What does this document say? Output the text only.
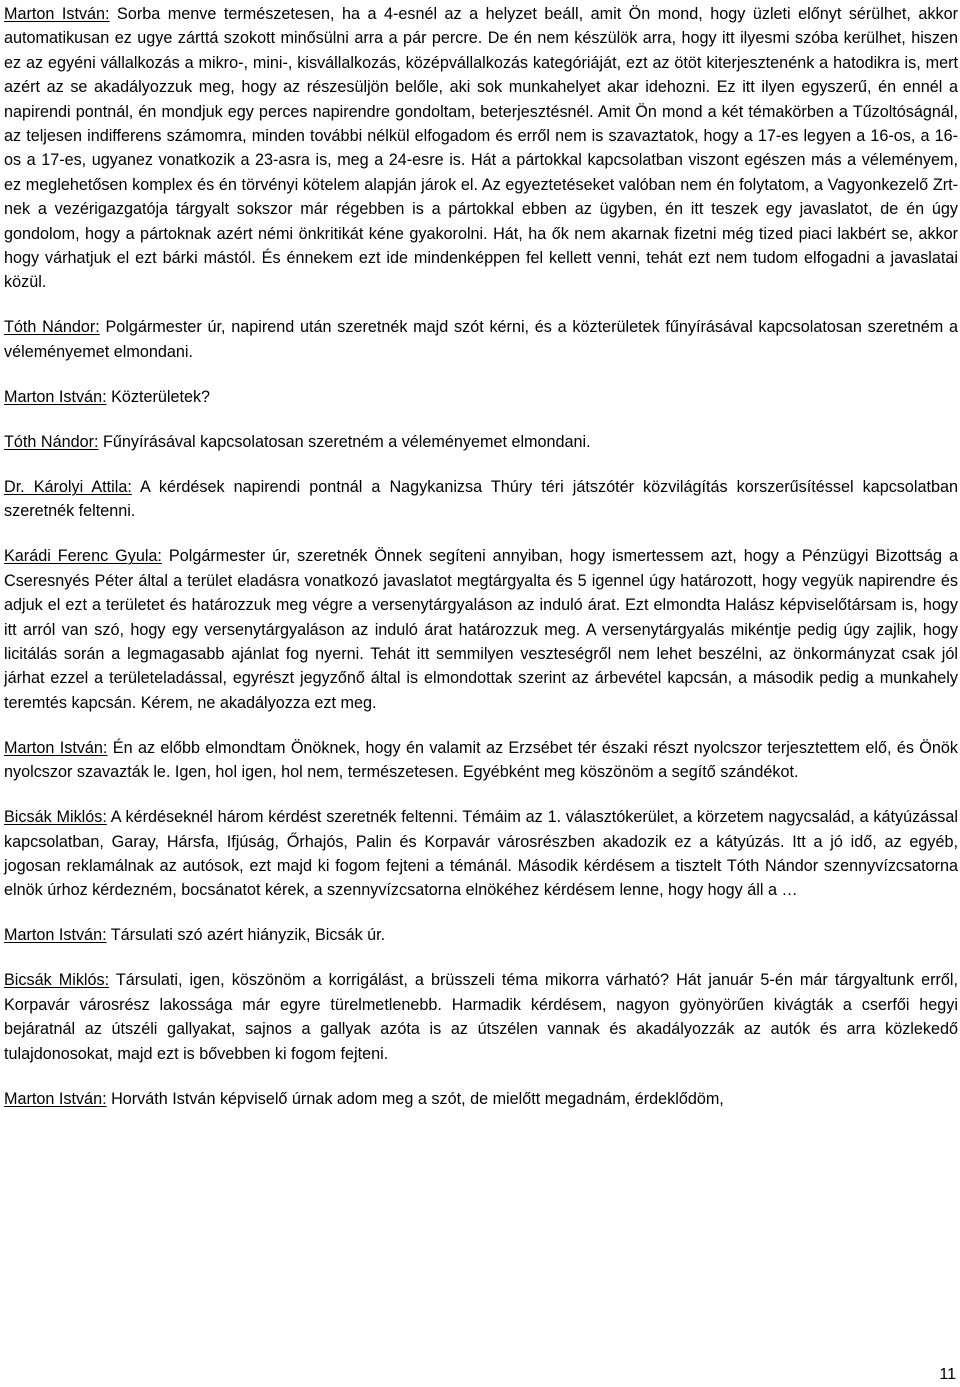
Marton István: Sorba menve természetesen, ha a 4-esnél az a helyzet beáll, amit Ön mond, hogy üzleti előnyt sérülhet, akkor automatikusan ez ugye zárttá szokott minősülni arra a pár percre. De én nem készülök arra, hogy itt ilyesmi szóba kerülhet, hiszen ez az egyéni vállalkozás a mikro-, mini-, kisvállalkozás, középvállalkozás kategóriáját, ezt az ötöt kiterjesztenénk a hatodikra is, mert azért az se akadályozzuk meg, hogy az részesüljön belőle, aki sok munkahelyet akar idehozni. Ez itt ilyen egyszerű, én ennél a napirendi pontnál, én mondjuk egy perces napirendre gondoltam, beterjesztésnél. Amit Ön mond a két témakörben a Tűzoltóságnál, az teljesen indifferens számomra, minden további nélkül elfogadom és erről nem is szavaztatok, hogy a 17-es legyen a 16-os, a 16-os a 17-es, ugyanez vonatkozik a 23-asra is, meg a 24-esre is. Hát a pártokkal kapcsolatban viszont egészen más a véleményem, ez meglehetősen komplex és én törvényi kötelem alapján járok el. Az egyeztetéseket valóban nem én folytatom, a Vagyonkezelő Zrt-nek a vezérigazgatója tárgyalt sokszor már régebben is a pártokkal ebben az ügyben, én itt teszek egy javaslatot, de én úgy gondolom, hogy a pártoknak azért némi önkritikát kéne gyakorolni. Hát, ha ők nem akarnak fizetni még tized piaci lakbért se, akkor hogy várhatjuk el ezt bárki mástól. És énnekem ezt ide mindenképpen fel kellett venni, tehát ezt nem tudom elfogadni a javaslatai közül.

Tóth Nándor: Polgármester úr, napirend után szeretnék majd szót kérni, és a közterületek fűnyírásával kapcsolatosan szeretném a véleményemet elmondani.

Marton István: Közterületek?

Tóth Nándor: Fűnyírásával kapcsolatosan szeretném a véleményemet elmondani.

Dr. Károlyi Attila: A kérdések napirendi pontnál a Nagykanizsa Thúry téri játszótér közvilágítás korszerűsítéssel kapcsolatban szeretnék feltenni.

Karádi Ferenc Gyula: Polgármester úr, szeretnék Önnek segíteni annyiban, hogy ismertessem azt, hogy a Pénzügyi Bizottság a Cseresnyés Péter által a terület eladásra vonatkozó javaslatot megtárgyalta és 5 igennel úgy határozott, hogy vegyük napirendre és adjuk el ezt a területet és határozzuk meg végre a versenytárgyaláson az induló árat. Ezt elmondta Halász képviselőtársam is, hogy itt arról van szó, hogy egy versenytárgyaláson az induló árat határozzuk meg. A versenytárgyalás mikéntje pedig úgy zajlik, hogy licitálás során a legmagasabb ajánlat fog nyerni. Tehát itt semmilyen veszteségről nem lehet beszélni, az önkormányzat csak jól járhat ezzel a területeladással, egyrészt jegyzőnő által is elmondottak szerint az árbevétel kapcsán, a második pedig a munkahely teremtés kapcsán. Kérem, ne akadályozza ezt meg.

Marton István: Én az előbb elmondtam Önöknek, hogy én valamit az Erzsébet tér északi részt nyolcszor terjesztettem elő, és Önök nyolcszor szavazták le. Igen, hol igen, hol nem, természetesen. Egyébként meg köszönöm a segítő szándékot.

Bicsák Miklós: A kérdéseknél három kérdést szeretnék feltenni. Témáim az 1. választókerület, a körzetem nagycsalád, a kátyúzással kapcsolatban, Garay, Hársfa, Ifjúság, Őrhajós, Palin és Korpavár városrészben akadozik ez a kátyúzás. Itt a jó idő, az egyéb, jogosan reklamálnak az autósok, ezt majd ki fogom fejteni a témánál. Második kérdésem a tisztelt Tóth Nándor szennyvízcsatorna elnök úrhoz kérdezném, bocsánatot kérek, a szennyvízcsatorna elnökéhez kérdésem lenne, hogy hogy áll a …

Marton István: Társulati szó azért hiányzik, Bicsák úr.

Bicsák Miklós: Társulati, igen, köszönöm a korrigálást, a brüsszeli téma mikorra várható? Hát január 5-én már tárgyaltunk erről, Korpavár városrész lakossága már egyre türelmetlenebb. Harmadik kérdésem, nagyon gyönyörűen kivágták a cserfői hegyi bejáratnál az útszéli gallyakat, sajnos a gallyak azóta is az útszélen vannak és akadályozzák az autók és arra közlekedő tulajdonosokat, majd ezt is bővebben ki fogom fejteni.

Marton István: Horváth István képviselő úrnak adom meg a szót, de mielőtt megadnám, érdeklődöm,

11
